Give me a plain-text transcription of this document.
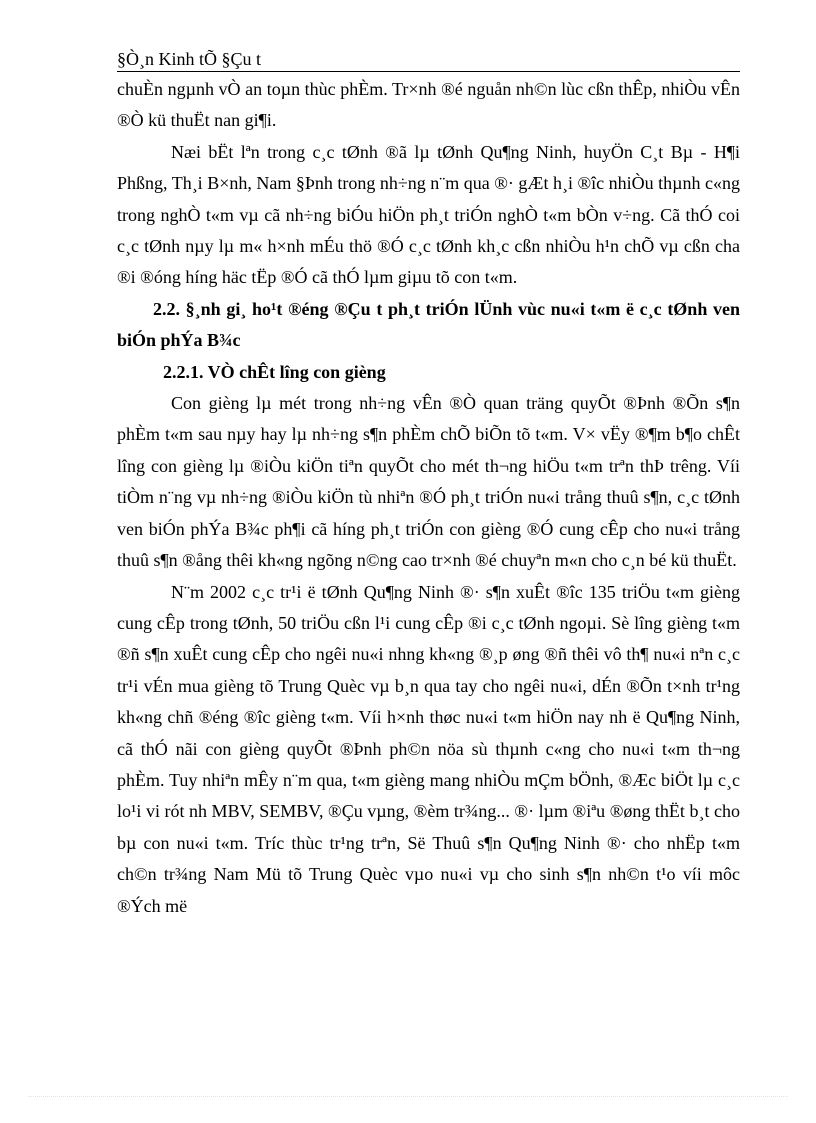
§Ò¸n Kinh tÕ §Çu t

chuÈn ngµnh vÒ an toµn thùc phÈm. Tr×nh ®é nguån nh©n lùc cßn thÊp, nhiÒu vÊn ®Ò kü thuËt nan gi¶i.

Næi bËt lªn trong c¸c tØnh ®ã lµ tØnh Qu¶ng Ninh, huyÖn C¸t Bµ - H¶i Phßng, Th¸i B×nh, Nam §Þnh trong nh÷ng n¨m qua ®· gÆt h¸i ®îc nhiÒu thµnh c«ng trong nghÒ t«m vµ cã nh÷ng biÓu hiÖn ph¸t triÓn nghÒ t«m bÒn v÷ng. Cã thÓ coi c¸c tØnh nµy lµ m« h×nh mÉu thö ®Ó c¸c tØnh kh¸c cßn nhiÒu h¹n chÕ vµ cßn cha ®i ®óng híng häc tËp ®Ó cã thÓ lµm giµu tõ con t«m.

2.2. §¸nh gi¸ ho¹t ®éng ®Çu t ph¸t triÓn lÜnh vùc nu«i t«m ë c¸c tØnh ven biÓn phÝa B¾c

2.2.1. VÒ chÊt lîng con gièng

Con gièng lµ mét trong nh÷ng vÊn ®Ò quan träng quyÕt ®Þnh ®Õn s¶n phÈm t«m sau nµy hay lµ nh÷ng s¶n phÈm chÕ biÕn tõ t«m. V× vËy ®¶m b¶o chÊt lîng con gièng lµ ®iÒu kiÖn tiªn quyÕt cho mét th¬ng hiÖu t«m trªn thÞ trêng. Víi tiÒm n¨ng vµ nh÷ng ®iÒu kiÖn tù nhiªn ®Ó ph¸t triÓn nu«i trång thuû s¶n, c¸c tØnh ven biÓn phÝa B¾c ph¶i cã híng ph¸t triÓn con gièng ®Ó cung cÊp cho nu«i trång thuû s¶n ®ång thêi kh«ng ngõng n©ng cao tr×nh ®é chuyªn m«n cho c¸n bé kü thuËt.

N¨m 2002 c¸c tr¹i ë tØnh Qu¶ng Ninh ®· s¶n xuÊt ®îc 135 triÖu t«m gièng cung cÊp trong tØnh, 50 triÖu cßn l¹i cung cÊp ®i c¸c tØnh ngoµi. Sè lîng gièng t«m ®ñ s¶n xuÊt cung cÊp cho ngêi nu«i nhng kh«ng ®¸p øng ®ñ thêi vô th¶ nu«i nªn c¸c tr¹i vÉn mua gièng tõ Trung Quèc vµ b¸n qua tay cho ngêi nu«i, dÉn ®Õn t×nh tr¹ng kh«ng chñ ®éng ®îc gièng t«m. Víi h×nh thøc nu«i t«m hiÖn nay nh ë Qu¶ng Ninh, cã thÓ nãi con gièng quyÕt ®Þnh ph©n nöa sù thµnh c«ng cho nu«i t«m th¬ng phÈm. Tuy nhiªn mÊy n¨m qua, t«m gièng mang nhiÒu mÇm bÖnh, ®Æc biÖt lµ c¸c lo¹i vi rót nh MBV, SEMBV, ®Çu vµng, ®èm tr¾ng... ®· lµm ®iªu ®øng thËt b¸t cho bµ con nu«i t«m. Tríc thùc tr¹ng trªn, Së Thuû s¶n Qu¶ng Ninh ®· cho nhËp t«m ch©n tr¾ng Nam Mü tõ Trung Quèc vµo nu«i vµ cho sinh s¶n nh©n t¹o víi môc ®Ých më
